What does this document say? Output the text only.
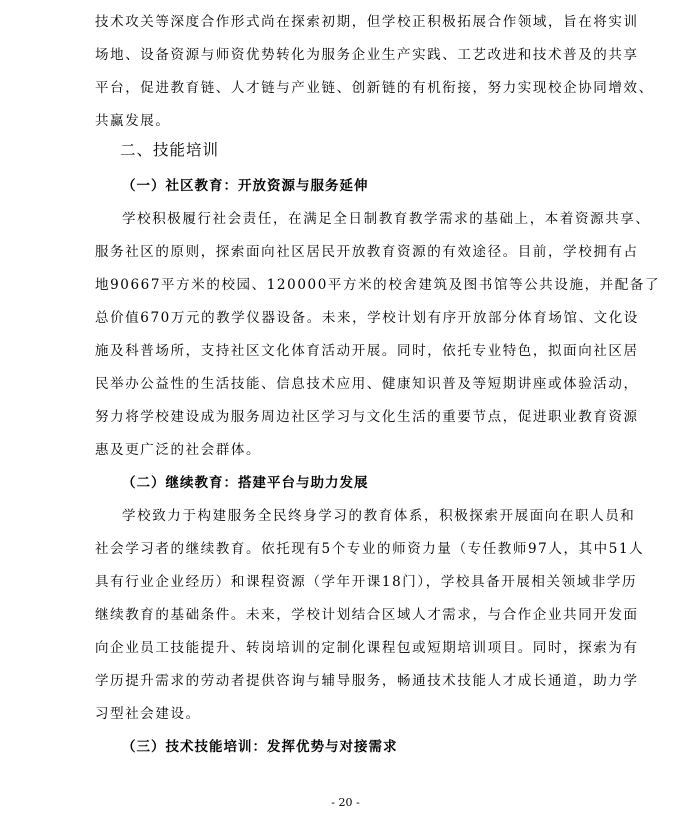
技术攻关等深度合作形式尚在探索初期，但学校正积极拓展合作领域，旨在将实训
场地、设备资源与师资优势转化为服务企业生产实践、工艺改进和技术普及的共享
平台，促进教育链、人才链与产业链、创新链的有机衔接，努力实现校企协同增效、
共赢发展。
二、技能培训
（一）社区教育：开放资源与服务延伸
学校积极履行社会责任，在满足全日制教育教学需求的基础上，本着资源共享、
服务社区的原则，探索面向社区居民开放教育资源的有效途径。目前，学校拥有占
地90667平方米的校园、120000平方米的校舍建筑及图书馆等公共设施，并配备了
总价值670万元的教学仪器设备。未来，学校计划有序开放部分体育场馆、文化设
施及科普场所，支持社区文化体育活动开展。同时，依托专业特色，拟面向社区居
民举办公益性的生活技能、信息技术应用、健康知识普及等短期讲座或体验活动，
努力将学校建设成为服务周边社区学习与文化生活的重要节点，促进职业教育资源
惠及更广泛的社会群体。
（二）继续教育：搭建平台与助力发展
学校致力于构建服务全民终身学习的教育体系，积极探索开展面向在职人员和
社会学习者的继续教育。依托现有5个专业的师资力量（专任教师97人，其中51人
具有行业企业经历）和课程资源（学年开课18门），学校具备开展相关领域非学历
继续教育的基础条件。未来，学校计划结合区域人才需求，与合作企业共同开发面
向企业员工技能提升、转岗培训的定制化课程包或短期培训项目。同时，探索为有
学历提升需求的劳动者提供咨询与辅导服务，畅通技术技能人才成长通道，助力学
习型社会建设。
（三）技术技能培训：发挥优势与对接需求
- 20 -
